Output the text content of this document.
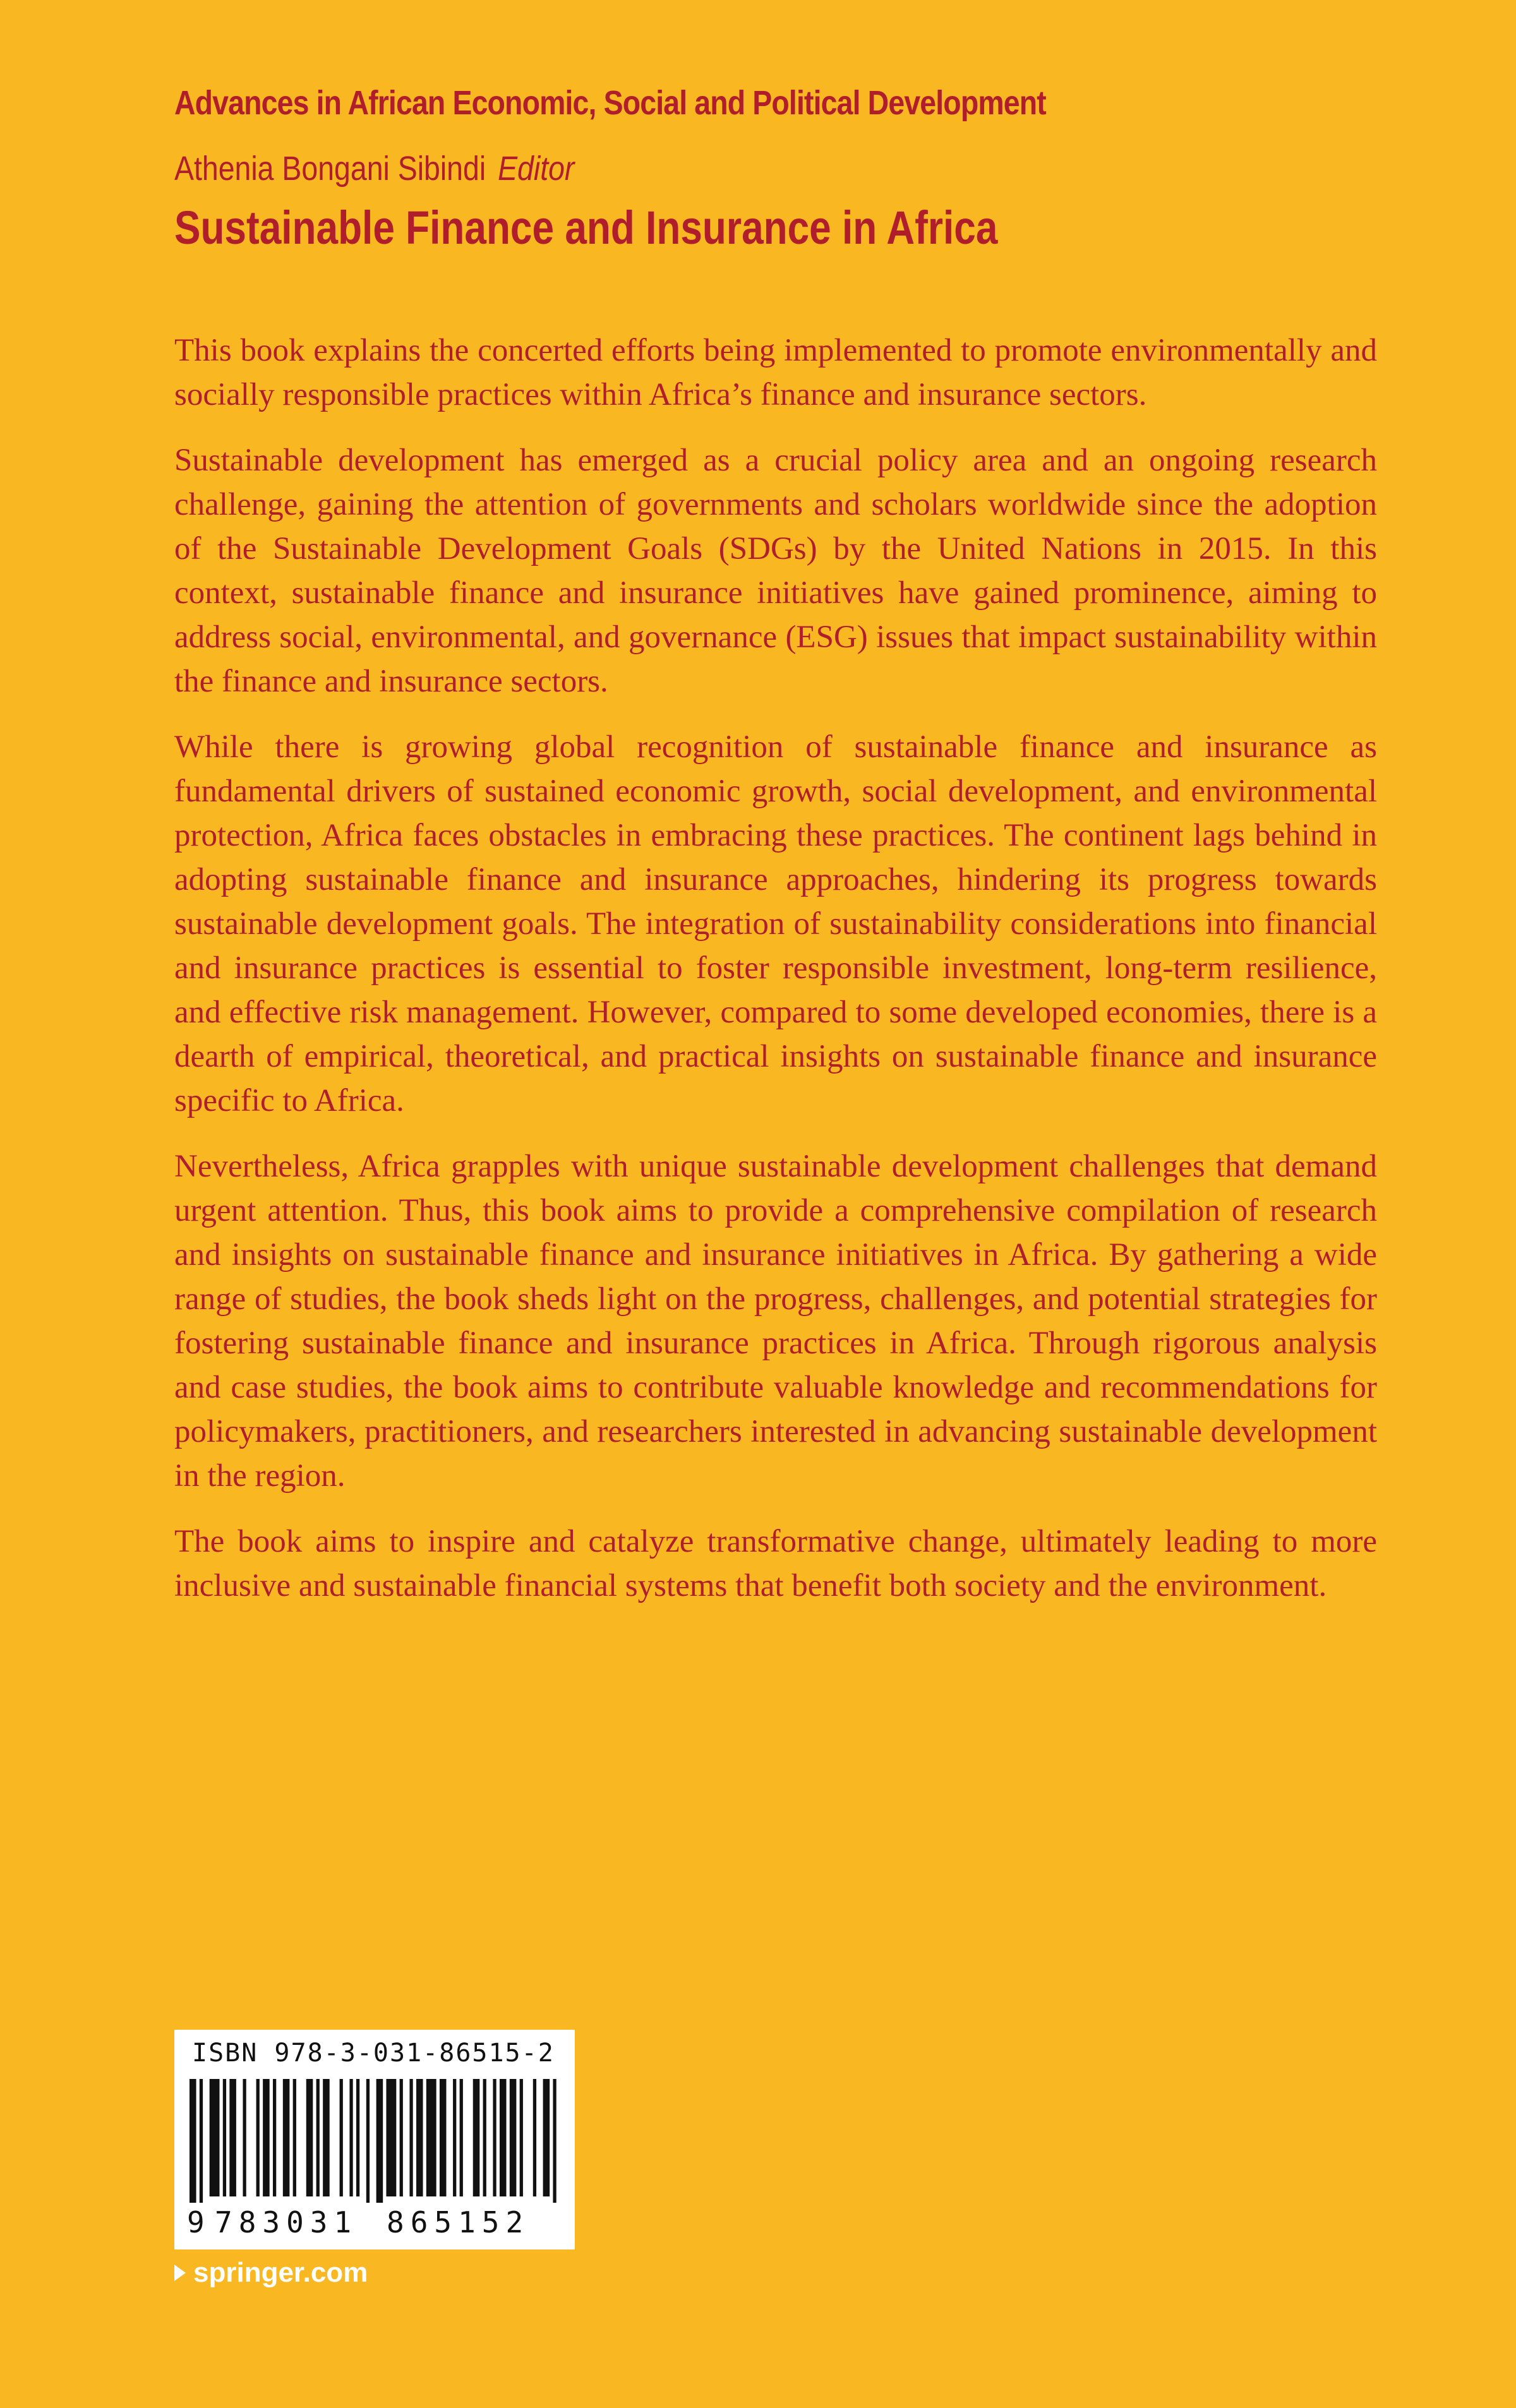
Advances in African Economic, Social and Political Development
Athenia Bongani Sibindi Editor
Sustainable Finance and Insurance in Africa

This book explains the concerted efforts being implemented to promote environmentally and socially responsible practices within Africa’s finance and insurance sectors.

Sustainable development has emerged as a crucial policy area and an ongoing research challenge, gaining the attention of governments and scholars worldwide since the adoption of the Sustainable Development Goals (SDGs) by the United Nations in 2015. In this context, sustainable finance and insurance initiatives have gained prominence, aiming to address social, environmental, and governance (ESG) issues that impact sustainability within the finance and insurance sectors.

While there is growing global recognition of sustainable finance and insurance as fundamental drivers of sustained economic growth, social development, and environmental protection, Africa faces obstacles in embracing these practices. The continent lags behind in adopting sustainable finance and insurance approaches, hindering its progress towards sustainable development goals. The integration of sustainability considerations into financial and insurance practices is essential to foster responsible investment, long-term resilience, and effective risk management. However, compared to some developed economies, there is a dearth of empirical, theoretical, and practical insights on sustainable finance and insurance specific to Africa.

Nevertheless, Africa grapples with unique sustainable development challenges that demand urgent attention. Thus, this book aims to provide a comprehensive compilation of research and insights on sustainable finance and insurance initiatives in Africa. By gathering a wide range of studies, the book sheds light on the progress, challenges, and potential strategies for fostering sustainable finance and insurance practices in Africa. Through rigorous analysis and case studies, the book aims to contribute valuable knowledge and recommendations for policymakers, practitioners, and researchers interested in advancing sustainable development in the region.

The book aims to inspire and catalyze transformative change, ultimately leading to more inclusive and sustainable financial systems that benefit both society and the environment.

ISBN 978-3-031-86515-2
9 783031 865152
springer.com
